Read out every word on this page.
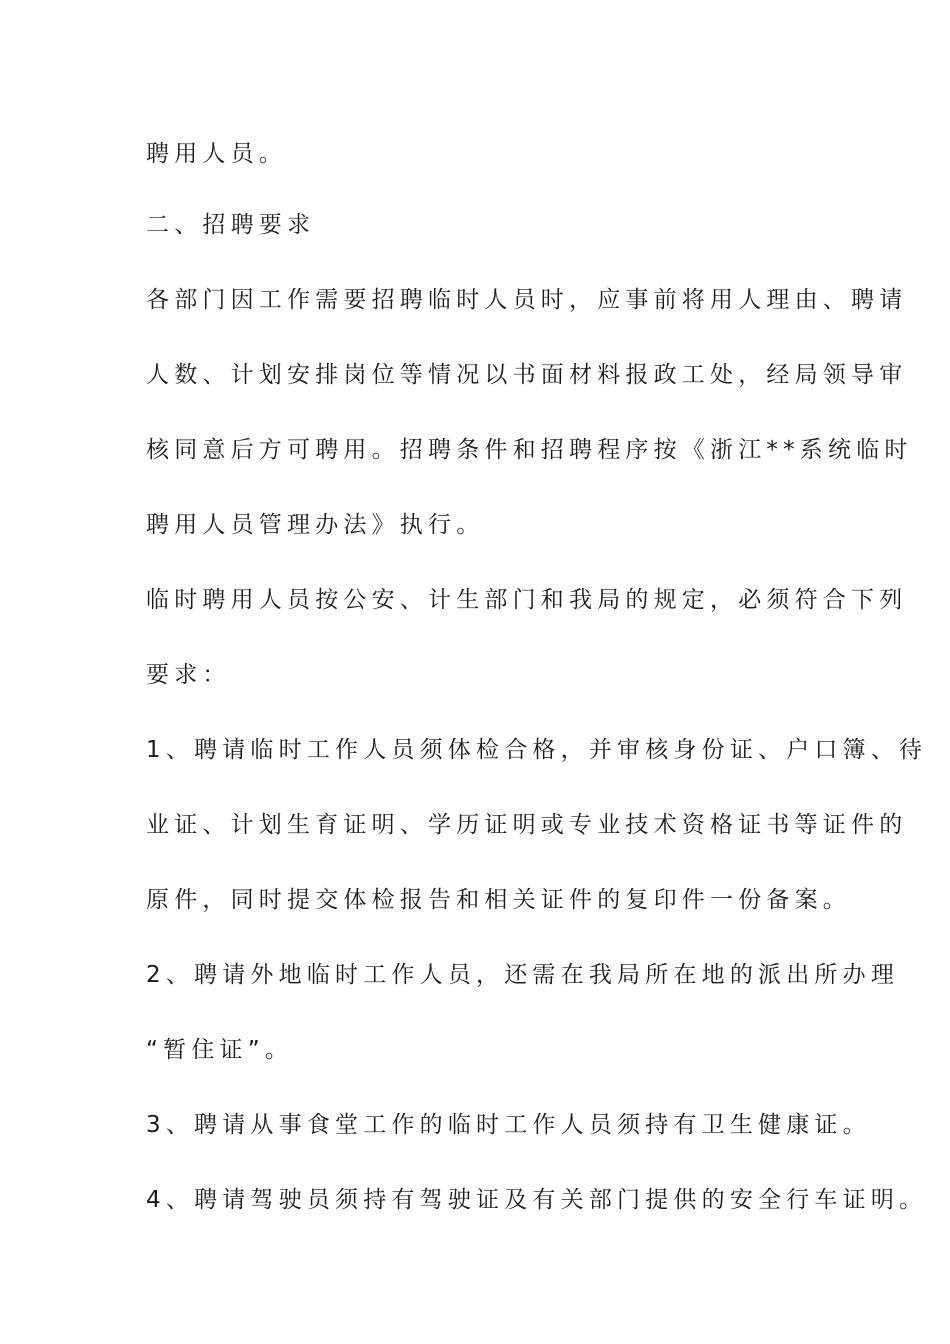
聘用人员。
二、招聘要求
各部门因工作需要招聘临时人员时，应事前将用人理由、聘请
人数、计划安排岗位等情况以书面材料报政工处，经局领导审
核同意后方可聘用。招聘条件和招聘程序按《浙江**系统临时
聘用人员管理办法》执行。
临时聘用人员按公安、计生部门和我局的规定，必须符合下列
要求：
1、聘请临时工作人员须体检合格，并审核身份证、户口簿、待
业证、计划生育证明、学历证明或专业技术资格证书等证件的
原件，同时提交体检报告和相关证件的复印件一份备案。
2、聘请外地临时工作人员，还需在我局所在地的派出所办理
“暂住证”。
3、聘请从事食堂工作的临时工作人员须持有卫生健康证。
4、聘请驾驶员须持有驾驶证及有关部门提供的安全行车证明。
